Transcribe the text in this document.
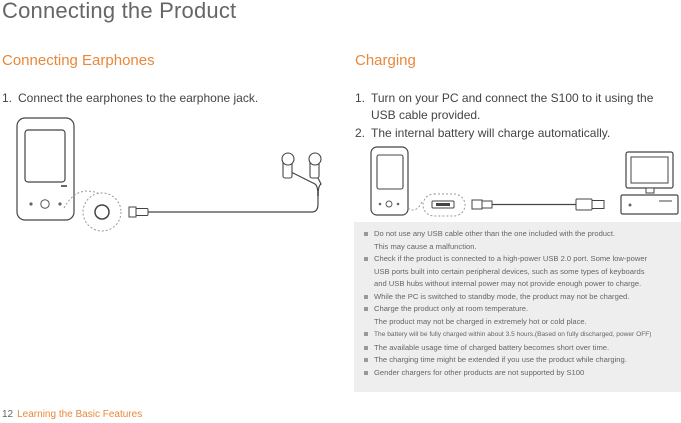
Connecting the Product
Connecting Earphones
1. Connect the earphones to the earphone jack.
Charging
1. Turn on your PC and connect the S100 to it using the
USB cable provided.
2. The internal battery will charge automatically.
Do not use any USB cable other than the one included with the product.
This may cause a malfunction.
Check if the product is connected to a high-power USB 2.0 port. Some low-power
USB ports built into certain peripheral devices, such as some types of keyboards
and USB hubs without internal power may not provide enough power to charge.
While the PC is switched to standby mode, the product may not be charged.
Charge the product only at room temperature.
The product may not be charged in extremely hot or cold place.
The battery will be fully charged within about 3.5 hours.(Based on fully discharged, power OFF)
The available usage time of charged battery becomes short over time.
The charging time might be extended if you use the product while charging.
Gender chargers for other products are not supported by S100
12 Learning the Basic Features
